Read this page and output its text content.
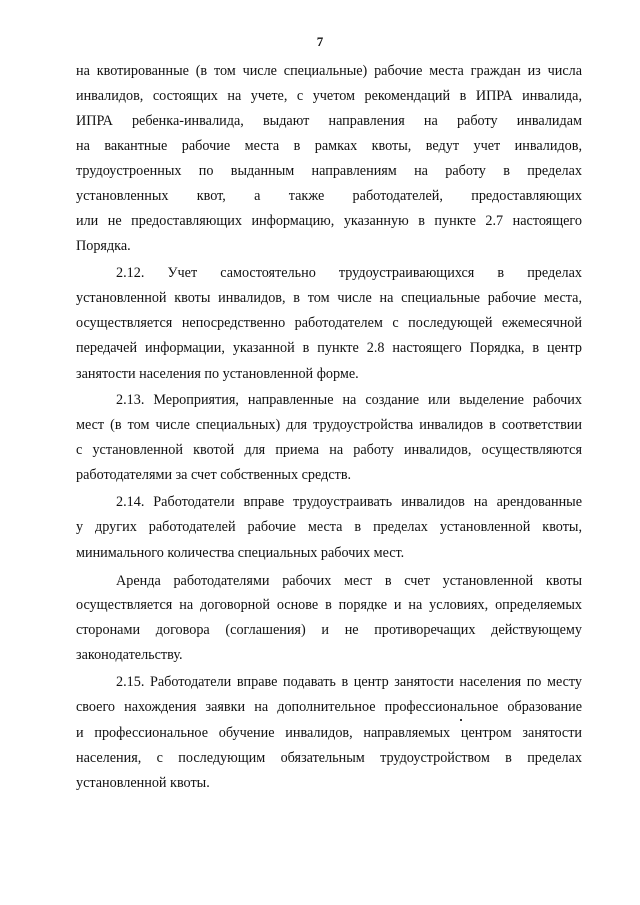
7
на квотированные (в том числе специальные) рабочие места граждан из числа
инвалидов, состоящих на учете, с учетом рекомендаций в ИПРА инвалида,
ИПРА ребенка-инвалида, выдают направления на работу инвалидам
на вакантные рабочие места в рамках квоты, ведут учет инвалидов,
трудоустроенных по выданным направлениям на работу в пределах
установленных квот, а также работодателей, предоставляющих
или не предоставляющих информацию, указанную в пункте 2.7 настоящего
Порядка.
2.12. Учет самостоятельно трудоустраивающихся в пределах
установленной квоты инвалидов, в том числе на специальные рабочие места,
осуществляется непосредственно работодателем с последующей ежемесячной
передачей информации, указанной в пункте 2.8 настоящего Порядка, в центр
занятости населения по установленной форме.
2.13. Мероприятия, направленные на создание или выделение рабочих
мест (в том числе специальных) для трудоустройства инвалидов в соответствии
с установленной квотой для приема на работу инвалидов, осуществляются
работодателями за счет собственных средств.
2.14. Работодатели вправе трудоустраивать инвалидов на арендованные
у других работодателей рабочие места в пределах установленной квоты,
минимального количества специальных рабочих мест.
Аренда работодателями рабочих мест в счет установленной квоты
осуществляется на договорной основе в порядке и на условиях, определяемых
сторонами договора (соглашения) и не противоречащих действующему
законодательству.
2.15. Работодатели вправе подавать в центр занятости населения по месту
своего нахождения заявки на дополнительное профессиональное образование
и профессиональное обучение инвалидов, направляемых центром занятости
населения, с последующим обязательным трудоустройством в пределах
установленной квоты.
